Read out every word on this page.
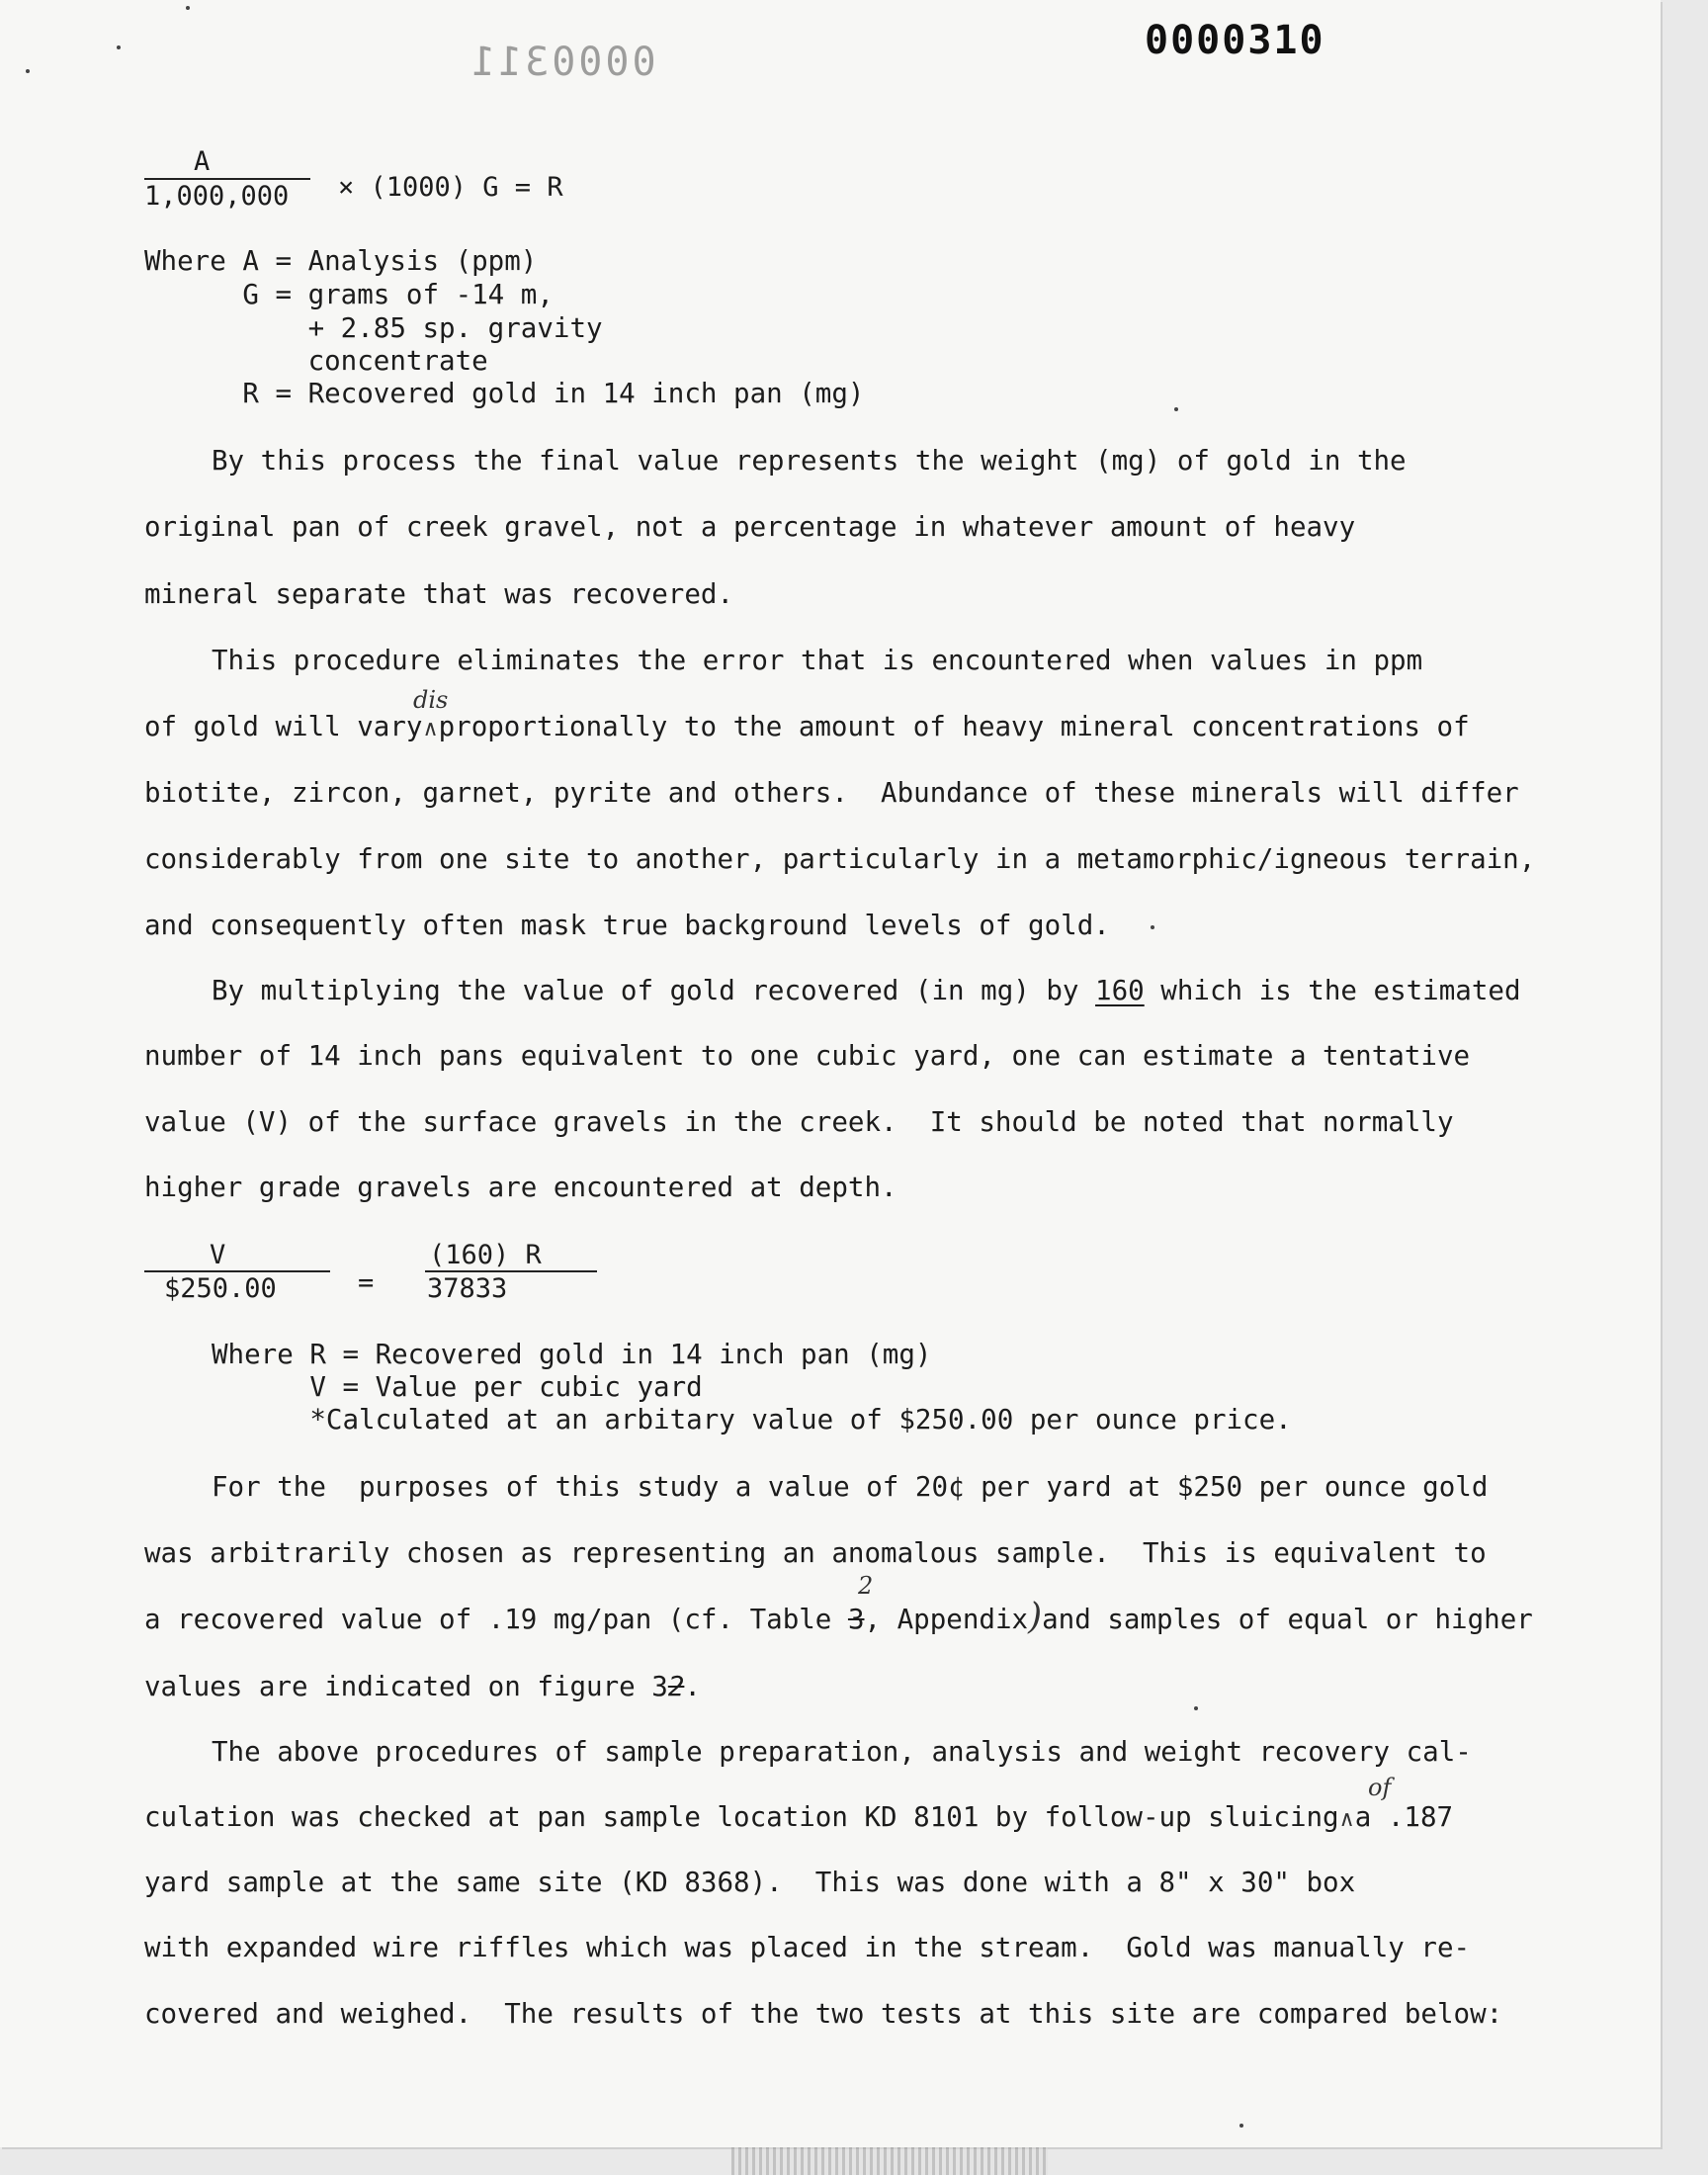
0000310
0000311
A
1,000,000 × (1000) G = R
Where A = Analysis (ppm)
G = grams of -14 m,
+ 2.85 sp. gravity
concentrate
R = Recovered gold in 14 inch pan (mg)
By this process the final value represents the weight (mg) of gold in the
original pan of creek gravel, not a percentage in whatever amount of heavy
mineral separate that was recovered.
This procedure eliminates the error that is encountered when values in ppm
dis
of gold will vary∧proportionally to the amount of heavy mineral concentrations of
biotite, zircon, garnet, pyrite and others.  Abundance of these minerals will differ
considerably from one site to another, particularly in a metamorphic/igneous terrain,
and consequently often mask true background levels of gold.
By multiplying the value of gold recovered (in mg) by 160 which is the estimated
number of 14 inch pans equivalent to one cubic yard, one can estimate a tentative
value (V) of the surface gravels in the creek.  It should be noted that normally
higher grade gravels are encountered at depth.
V
$250.00	=
(160) R
37833
Where R = Recovered gold in 14 inch pan (mg)
V = Value per cubic yard
*Calculated at an arbitary value of $250.00 per ounce price.
For the  purposes of this study a value of 20¢ per yard at $250 per ounce gold
was arbitrarily chosen as representing an anomalous sample.  This is equivalent to
2
a recovered value of .19 mg/pan (cf. Table 3, Appendix)and samples of equal or higher
values are indicated on figure 32.
The above procedures of sample preparation, analysis and weight recovery cal-
of
culation was checked at pan sample location KD 8101 by follow-up sluicing∧a .187
yard sample at the same site (KD 8368).  This was done with a 8" x 30" box
with expanded wire riffles which was placed in the stream.  Gold was manually re-
covered and weighed.  The results of the two tests at this site are compared below:
